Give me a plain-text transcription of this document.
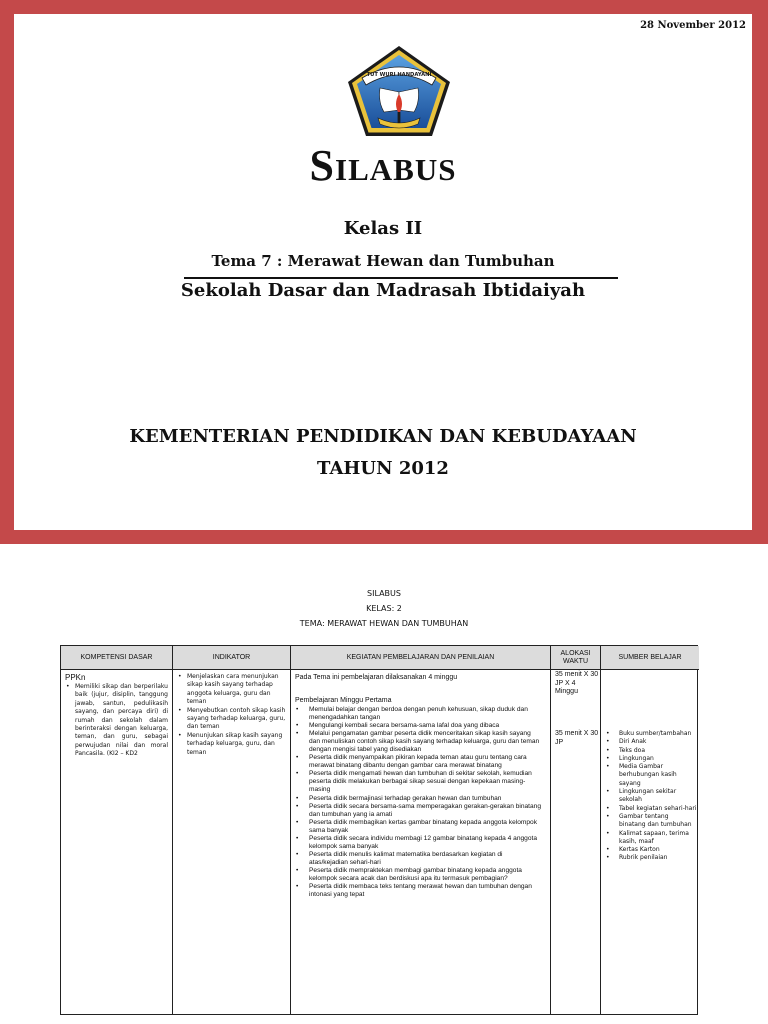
28 November 2012
TUT WURI HANDAYANI
Silabus
Kelas II
Tema 7 : Merawat Hewan dan Tumbuhan
Sekolah Dasar dan Madrasah Ibtidaiyah
KEMENTERIAN PENDIDIKAN DAN KEBUDAYAAN
TAHUN 2012
SILABUS
KELAS: 2
TEMA: MERAWAT HEWAN DAN TUMBUHAN
KOMPETENSI DASAR
PPKn
• Memiliki sikap dan berperilaku baik (jujur, disiplin, tanggung jawab, santun, pedulikasih sayang, dan percaya diri) di rumah dan sekolah dalam berinteraksi dengan keluarga, teman, dan guru, sebagai perwujudan nilai dan moral Pancasila. (KI2 – KD2
INDIKATOR
• Menjelaskan cara menunjukan sikap kasih sayang terhadap anggota keluarga, guru dan teman
• Menyebutkan contoh sikap kasih sayang terhadap keluarga, guru, dan teman
• Menunjukan sikap kasih sayang terhadap keluarga, guru, dan teman
KEGIATAN PEMBELAJARAN DAN PENILAIAN
Pada Tema ini pembelajaran dilaksanakan 4 minggu
Pembelajaran Minggu Pertama
• Memulai belajar dengan berdoa dengan penuh kehusuan, sikap duduk dan menengadahkan tangan
• Mengulangi kembali secara bersama-sama lafal doa yang dibaca
• Melalui pengamatan gambar peserta didik menceritakan sikap kasih sayang dan menuliskan contoh sikap kasih sayang terhadap keluarga, guru dan teman dengan mengisi tabel yang disediakan
• Peserta didik menyampaikan pikiran kepada teman atau guru tentang cara merawat binatang dibantu dengan gambar cara merawat binatang
• Peserta didik mengamati hewan dan tumbuhan di sekitar sekolah, kemudian peserta didik melakukan berbagai sikap sesuai dengan kepekaan masing-masing
• Peserta didik bermajinasi terhadap gerakan hewan dan tumbuhan
• Peserta didik secara bersama-sama memperagakan gerakan-gerakan binatang dan tumbuhan yang ia amati
• Peserta didik membagikan kertas gambar binatang kepada anggota kelompok sama banyak
• Peserta didik secara individu membagi 12 gambar binatang kepada 4 anggota kelompok sama banyak
• Peserta didik menulis kalimat matematika berdasarkan kegiatan di atas/kejadian sehari-hari
• Peserta didik mempraktekan membagi gambar binatang kepada anggota kelompok secara acak dan berdiskusi apa itu termasuk pembagian?
• Peserta didik membaca teks tentang merawat hewan dan tumbuhan dengan intonasi yang tepat
ALOKASI WAKTU
35 menit X 30 JP X 4 Minggu
35 menit X 30 JP
SUMBER BELAJAR
• Buku sumber/tambahan
• Diri Anak
• Teks doa
• Lingkungan
• Media Gambar berhubungan kasih sayang
• Lingkungan sekitar sekolah
• Tabel kegiatan sehari-hari
• Gambar tentang binatang dan tumbuhan
• Kalimat sapaan, terima kasih, maaf
• Kertas Karton
• Rubrik penilaian
